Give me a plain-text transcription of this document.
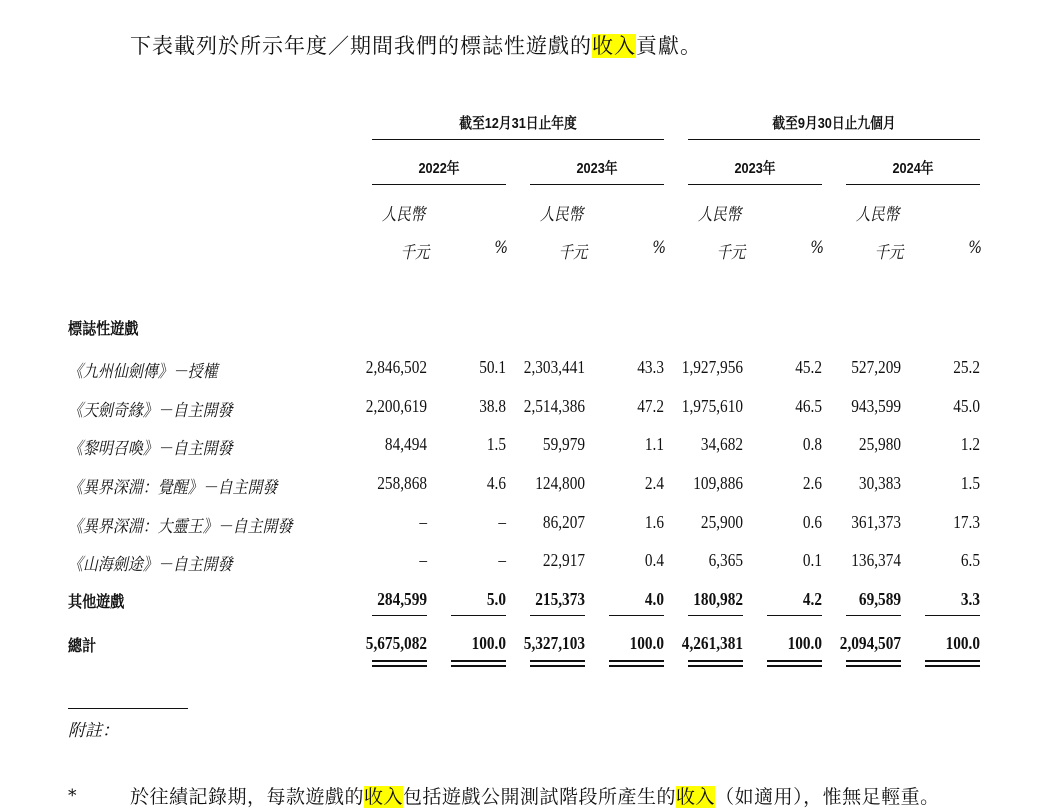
下表載列於所示年度／期間我們的標誌性遊戲的收入貢獻。
截至12月31日止年度	截至9月30日止九個月
2022年	2023年	2023年	2024年
人民幣	人民幣	人民幣	人民幣
千元	%	千元	%	千元	%	千元	%
標誌性遊戲
《九州仙劍傳》－授權	2,846,502	50.1 2,303,441	43.3 1,927,956	45.2	527,209	25.2
《天劍奇緣》－自主開發	2,200,619	38.8 2,514,386	47.2 1,975,610	46.5	943,599	45.0
《黎明召喚》－自主開發	84,494	1.5	59,979	1.1	34,682	0.8	25,980	1.2
《異界深淵：覺醒》－自主開發	258,868	4.6	124,800	2.4	109,886	2.6	30,383	1.5
《異界深淵：大靈王》－自主開發	–	–	86,207	1.6	25,900	0.6	361,373	17.3
《山海劍途》－自主開發	–	–	22,917	0.4	6,365	0.1	136,374	6.5
其他遊戲	284,599	5.0	215,373	4.0	180,982	4.2	69,589	3.3
總計	5,675,082	100.0 5,327,103	100.0 4,261,381	100.0 2,094,507	100.0
附註：
*	於往績記錄期，每款遊戲的收入包括遊戲公開測試階段所產生的收入（如適用），惟無足輕重。
